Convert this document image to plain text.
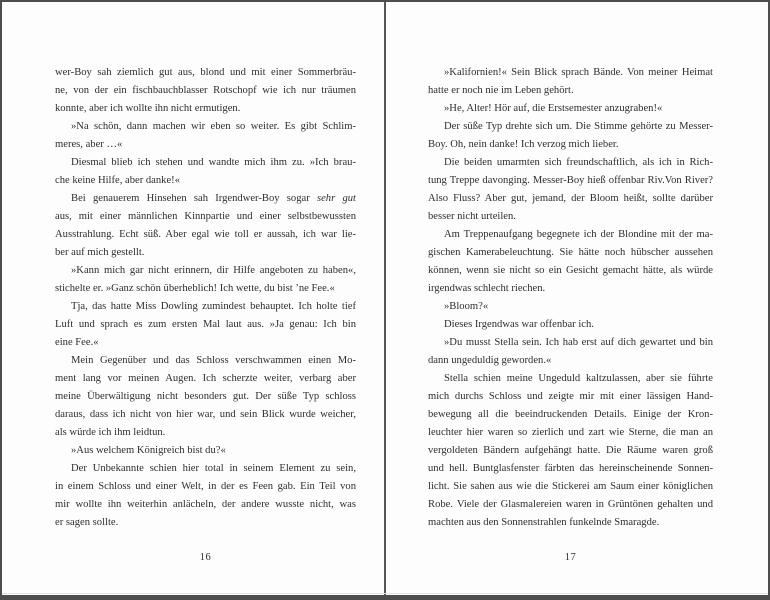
wer-Boy sah ziemlich gut aus, blond und mit einer Sommerbräu-
ne, von der ein fischbauchblasser Rotschopf wie ich nur träumen
konnte, aber ich wollte ihn nicht ermutigen.
»Na schön, dann machen wir eben so weiter. Es gibt Schlim-
meres, aber …«
Diesmal blieb ich stehen und wandte mich ihm zu. »Ich brau-
che keine Hilfe, aber danke!«
Bei genauerem Hinsehen sah Irgendwer-Boy sogar sehr gut
aus, mit einer männlichen Kinnpartie und einer selbstbewussten
Ausstrahlung. Echt süß. Aber egal wie toll er aussah, ich war lie-
ber auf mich gestellt.
»Kann mich gar nicht erinnern, dir Hilfe angeboten zu haben«,
stichelte er. »Ganz schön überheblich! Ich wette, du bist ’ne Fee.«
Tja, das hatte Miss Dowling zumindest behauptet. Ich holte tief
Luft und sprach es zum ersten Mal laut aus. »Ja genau: Ich bin
eine Fee.«
Mein Gegenüber und das Schloss verschwammen einen Mo-
ment lang vor meinen Augen. Ich scherzte weiter, verbarg aber
meine Überwältigung nicht besonders gut. Der süße Typ schloss
daraus, dass ich nicht von hier war, und sein Blick wurde weicher,
als würde ich ihm leidtun.
»Aus welchem Königreich bist du?«
Der Unbekannte schien hier total in seinem Element zu sein,
in einem Schloss und einer Welt, in der es Feen gab. Ein Teil von
mir wollte ihn weiterhin anlächeln, der andere wusste nicht, was
er sagen sollte.
»Kalifornien!« Sein Blick sprach Bände. Von meiner Heimat
hatte er noch nie im Leben gehört.
»He, Alter! Hör auf, die Erstsemester anzugraben!«
Der süße Typ drehte sich um. Die Stimme gehörte zu Messer-
Boy. Oh, nein danke! Ich verzog mich lieber.
Die beiden umarmten sich freundschaftlich, als ich in Rich-
tung Treppe davonging. Messer-Boy hieß offenbar Riv.Von River?
Also Fluss? Aber gut, jemand, der Bloom heißt, sollte darüber
besser nicht urteilen.
Am Treppenaufgang begegnete ich der Blondine mit der ma-
gischen Kamerabeleuchtung. Sie hätte noch hübscher aussehen
können, wenn sie nicht so ein Gesicht gemacht hätte, als würde
irgendwas schlecht riechen.
»Bloom?«
Dieses Irgendwas war offenbar ich.
»Du musst Stella sein. Ich hab erst auf dich gewartet und bin
dann ungeduldig geworden.«
Stella schien meine Ungeduld kaltzulassen, aber sie führte
mich durchs Schloss und zeigte mir mit einer lässigen Hand-
bewegung all die beeindruckenden Details. Einige der Kron-
leuchter hier waren so zierlich und zart wie Sterne, die man an
vergoldeten Bändern aufgehängt hatte. Die Räume waren groß
und hell. Buntglasfenster färbten das hereinscheinende Sonnen-
licht. Sie sahen aus wie die Stickerei am Saum einer königlichen
Robe. Viele der Glasmalereien waren in Grüntönen gehalten und
machten aus den Sonnenstrahlen funkelnde Smaragde.
16	17
